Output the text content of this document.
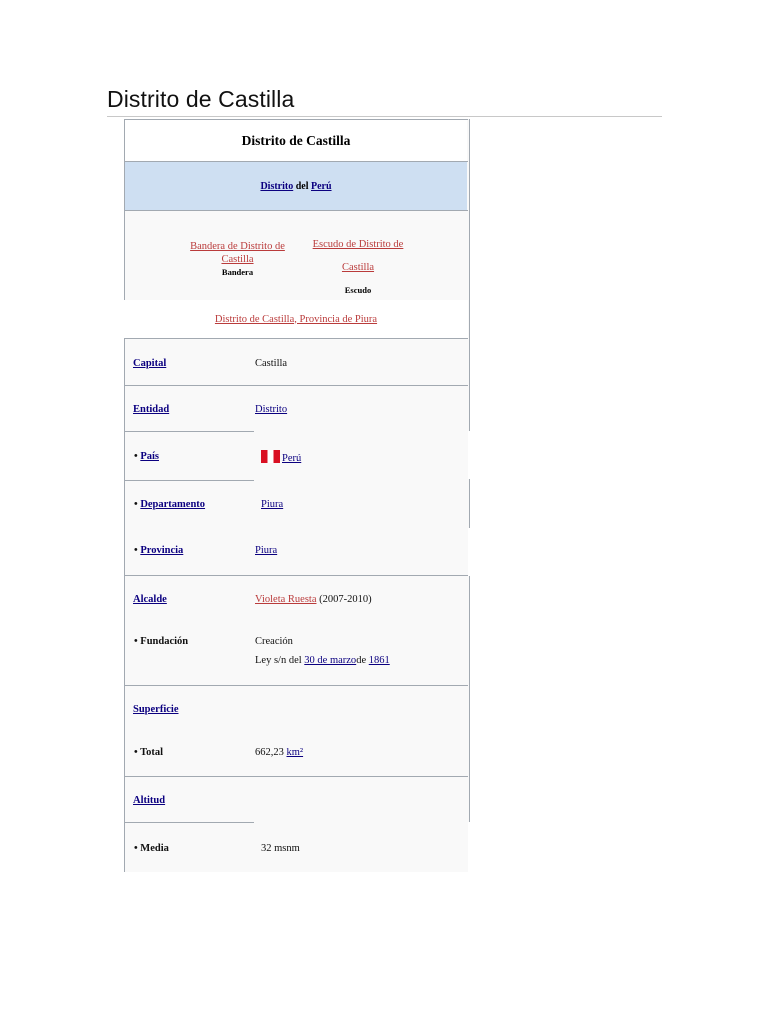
Distrito de Castilla
Distrito de Castilla
Distrito del Perú
Bandera de Distrito de Castilla
Bandera
Escudo de Distrito de
Castilla
Escudo
Distrito de Castilla, Provincia de Piura
Capital	Castilla
Entidad	Distrito
• País	Perú
• Departamento	Piura
• Provincia	Piura
Alcalde	Violeta Ruesta (2007-2010)
• Fundación	Creación
Ley s/n del 30 de marzode 1861
Superficie
• Total	662,23 km²
Altitud
• Media	32 msnm
